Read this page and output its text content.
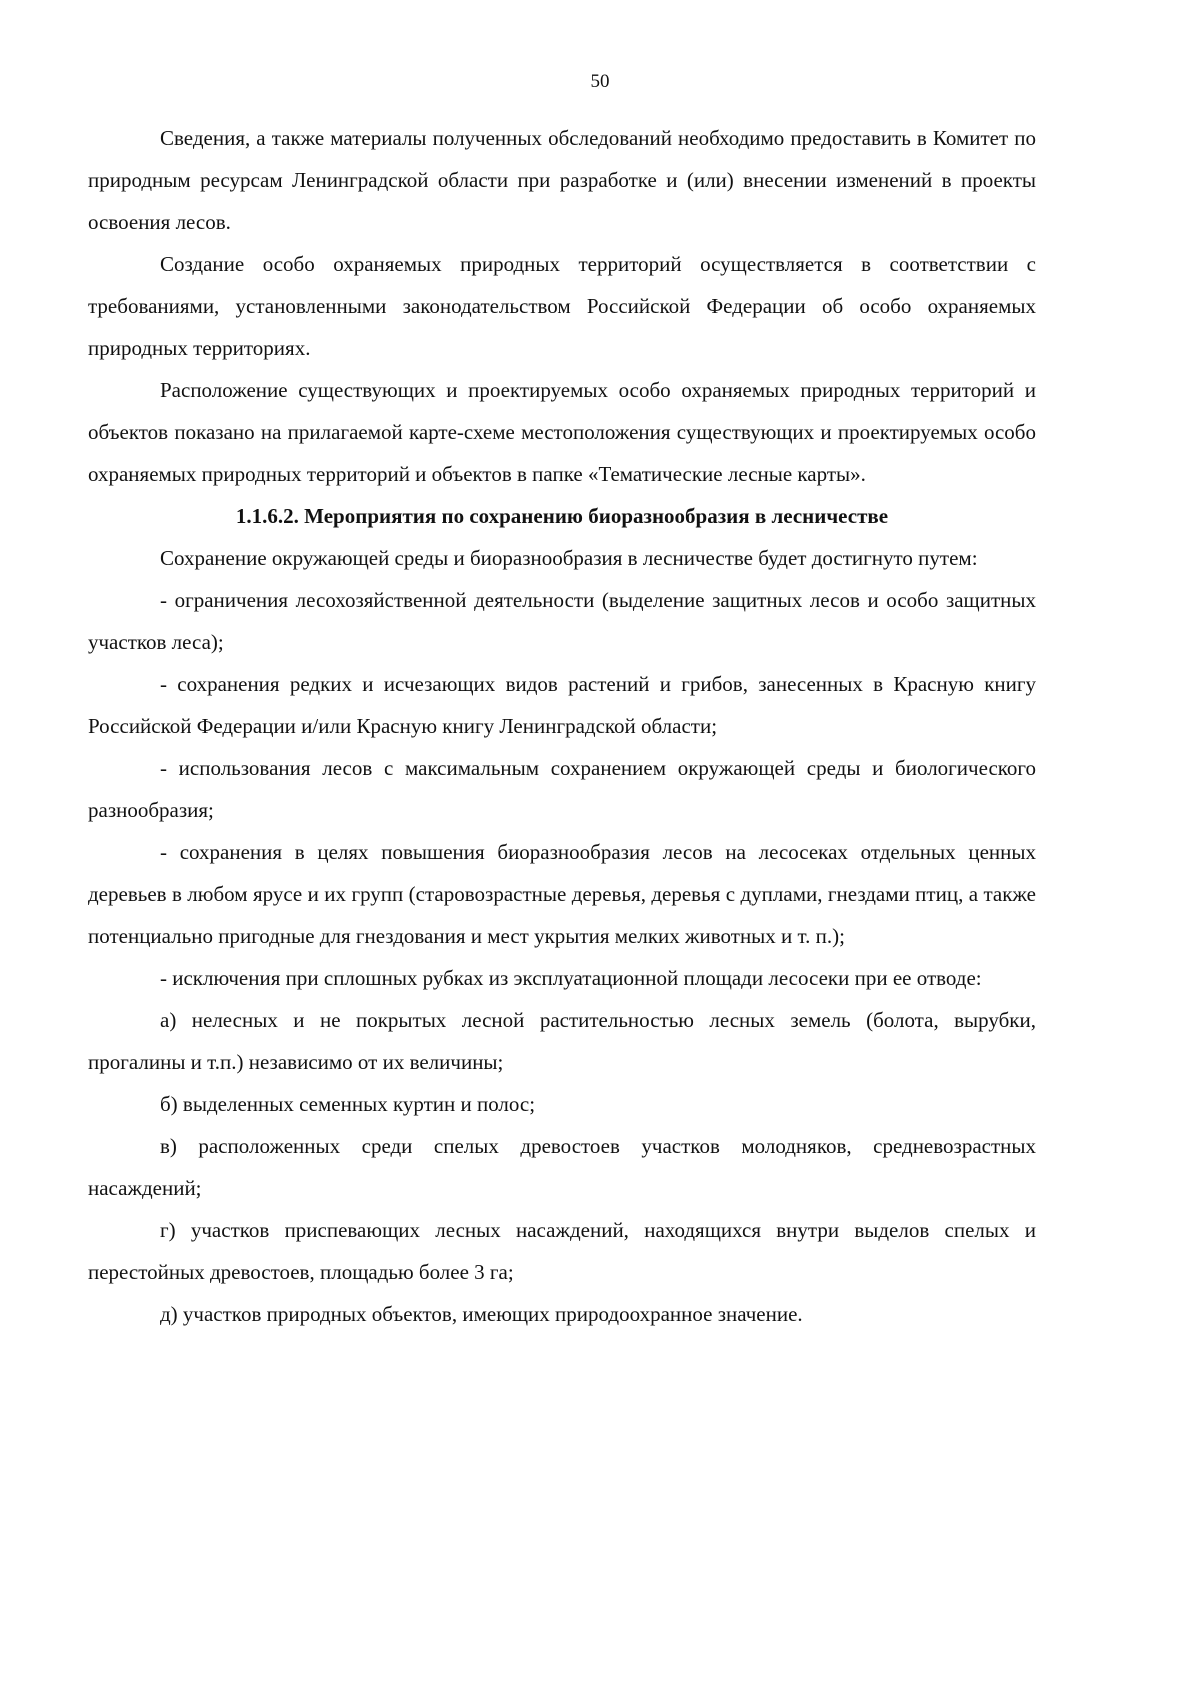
50

Сведения, а также материалы полученных обследований необходимо предоставить в Комитет по природным ресурсам Ленинградской области при разработке и (или) внесении изменений в проекты освоения лесов.

Создание особо охраняемых природных территорий осуществляется в соответствии с требованиями, установленными законодательством Российской Федерации об особо охраняемых природных территориях.

Расположение существующих и проектируемых особо охраняемых природных территорий и объектов показано на прилагаемой карте-схеме местоположения существующих и проектируемых особо охраняемых природных территорий и объектов в папке «Тематические лесные карты».

1.1.6.2. Мероприятия по сохранению биоразнообразия в лесничестве

Сохранение окружающей среды и биоразнообразия в лесничестве будет достигнуто путем:

- ограничения лесохозяйственной деятельности (выделение защитных лесов и особо защитных участков леса);

- сохранения редких и исчезающих видов растений и грибов, занесенных в Красную книгу Российской Федерации и/или Красную книгу Ленинградской области;

- использования лесов с максимальным сохранением окружающей среды и биологического разнообразия;

- сохранения в целях повышения биоразнообразия лесов на лесосеках отдельных ценных деревьев в любом ярусе и их групп (старовозрастные деревья, деревья с дуплами, гнездами птиц, а также потенциально пригодные для гнездования и мест укрытия мелких животных и т. п.);

- исключения при сплошных рубках из эксплуатационной площади лесосеки при ее отводе:

а) нелесных и не покрытых лесной растительностью лесных земель (болота, вырубки, прогалины и т.п.) независимо от их величины;

б) выделенных семенных куртин и полос;

в) расположенных среди спелых древостоев участков молодняков, средневозрастных насаждений;

г) участков приспевающих лесных насаждений, находящихся внутри выделов спелых и перестойных древостоев, площадью более 3 га;

д) участков природных объектов, имеющих природоохранное значение.
